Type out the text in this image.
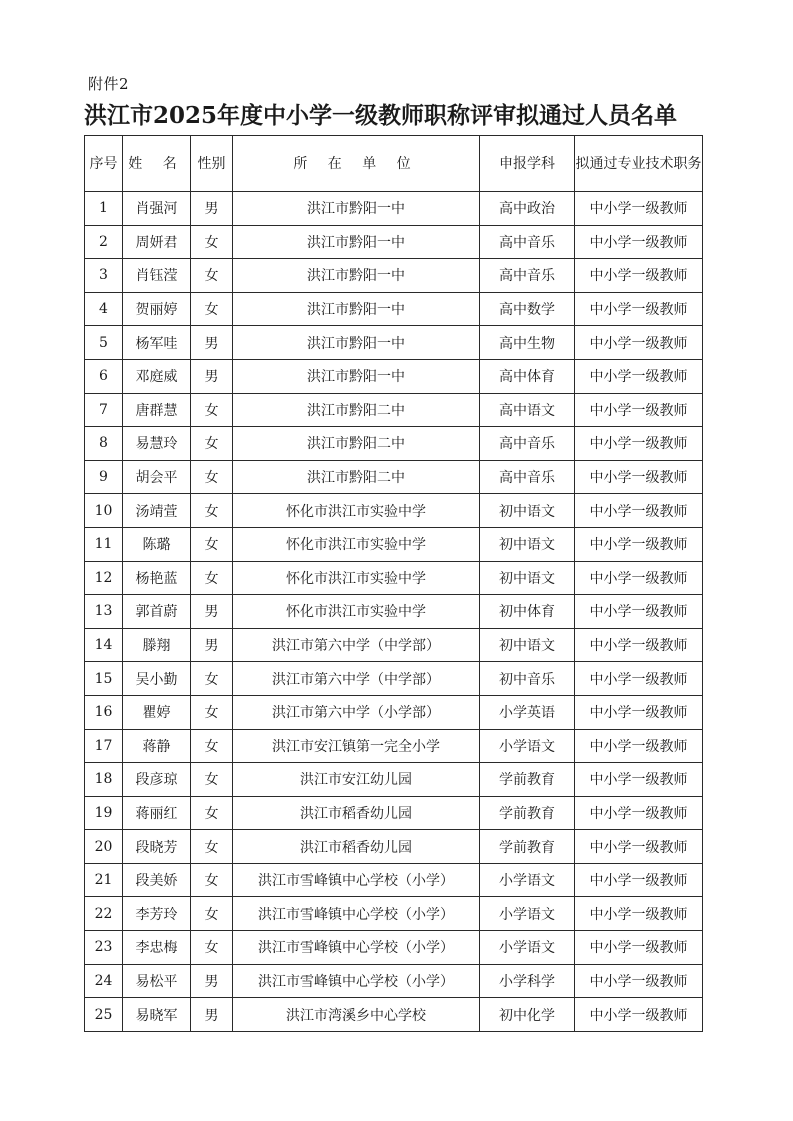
附件2
洪江市2025年度中小学一级教师职称评审拟通过人员名单
序号	姓 名	性别	所 在 单 位	申报学科	拟通过专业技术职务
1	肖强河	男	洪江市黔阳一中	高中政治	中小学一级教师
2	周妍君	女	洪江市黔阳一中	高中音乐	中小学一级教师
3	肖钰滢	女	洪江市黔阳一中	高中音乐	中小学一级教师
4	贺丽婷	女	洪江市黔阳一中	高中数学	中小学一级教师
5	杨军哇	男	洪江市黔阳一中	高中生物	中小学一级教师
6	邓庭威	男	洪江市黔阳一中	高中体育	中小学一级教师
7	唐群慧	女	洪江市黔阳二中	高中语文	中小学一级教师
8	易慧玲	女	洪江市黔阳二中	高中音乐	中小学一级教师
9	胡会平	女	洪江市黔阳二中	高中音乐	中小学一级教师
10	汤靖萱	女	怀化市洪江市实验中学	初中语文	中小学一级教师
11	陈璐	女	怀化市洪江市实验中学	初中语文	中小学一级教师
12	杨艳蓝	女	怀化市洪江市实验中学	初中语文	中小学一级教师
13	郭首蔚	男	怀化市洪江市实验中学	初中体育	中小学一级教师
14	滕翔	男	洪江市第六中学（中学部）	初中语文	中小学一级教师
15	吴小勤	女	洪江市第六中学（中学部）	初中音乐	中小学一级教师
16	瞿婷	女	洪江市第六中学（小学部）	小学英语	中小学一级教师
17	蒋静	女	洪江市安江镇第一完全小学	小学语文	中小学一级教师
18	段彦琼	女	洪江市安江幼儿园	学前教育	中小学一级教师
19	蒋丽红	女	洪江市稻香幼儿园	学前教育	中小学一级教师
20	段晓芳	女	洪江市稻香幼儿园	学前教育	中小学一级教师
21	段美娇	女	洪江市雪峰镇中心学校（小学）	小学语文	中小学一级教师
22	李芳玲	女	洪江市雪峰镇中心学校（小学）	小学语文	中小学一级教师
23	李忠梅	女	洪江市雪峰镇中心学校（小学）	小学语文	中小学一级教师
24	易松平	男	洪江市雪峰镇中心学校（小学）	小学科学	中小学一级教师
25	易晓军	男	洪江市湾溪乡中心学校	初中化学	中小学一级教师
